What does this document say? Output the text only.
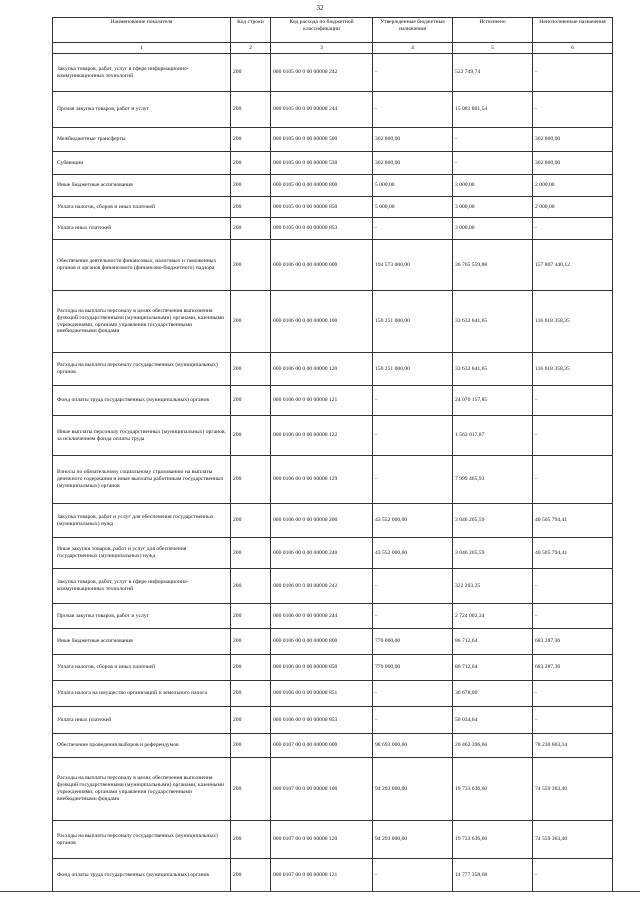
32
Наименование показателя	Код строки	Код расхода по бюджетной классификации	Утвержденные бюджетные назначения	Исполнено	Неисполненные назначения
1	2	3	4	5	6
Закупка товаров, работ, услуг в сфере информационно-коммуникационных технологий	200	000 0105 00 0 00 00000 242	-	522 749,74	-
Прочая закупка товаров, работ и услуг	200	000 0105 00 0 00 00000 244	-	15 083 801,54	-
Межбюджетные трансферты	200	000 0105 00 0 00 00000 500	302 800,00	-	302 800,00
Субвенции	200	000 0105 00 0 00 00000 530	302 800,00	-	302 800,00
Иные бюджетные ассигнования	200	000 0105 00 0 00 00000 800	5 000,00	3 000,00	2 000,00
Уплата налогов, сборов и иных платежей	200	000 0105 00 0 00 00000 850	5 000,00	3 000,00	2 000,00
Уплата иных платежей	200	000 0105 00 0 00 00000 853	-	3 000,00	-
Обеспечение деятельности финансовых, налоговых и таможенных органов и органов финансового (финансово-бюджетного) надзора	200	000 0106 00 0 00 00000 000	194 573 000,00	36 765 559,88	157 807 440,12
Расходы на выплаты персоналу в целях обеспечения выполнения функций государственными (муниципальными) органами, казенными учреждениями, органами управления государственными внебюджетными фондами	200	000 0106 00 0 00 00000 100	150 251 000,00	33 632 641,65	116 618 358,35
Расходы на выплаты персоналу государственных (муниципальных) органов	200	000 0106 00 0 00 00000 120	150 251 000,00	33 632 641,65	116 618 358,35
Фонд оплаты труда государственных (муниципальных) органов	200	000 0106 00 0 00 00000 121	-	24 070 157,85	-
Иные выплаты персоналу государственных (муниципальных) органов, за исключением фонда оплаты труда	200	000 0106 00 0 00 00000 122	-	1 563 017,87	-
Взносы по обязательному социальному страхованию на выплаты денежного содержания и иные выплаты работникам государственных (муниципальных) органов	200	000 0106 00 0 00 00000 129	-	7 999 465,93	-
Закупка товаров, работ и услуг для обеспечения государственных (муниципальных) нужд	200	000 0106 00 0 00 00000 200	43 552 000,00	3 046 205,59	40 505 794,41
Иные закупки товаров, работ и услуг для обеспечения государственных (муниципальных) нужд	200	000 0106 00 0 00 00000 240	43 552 000,00	3 046 205,59	40 505 794,41
Закупка товаров, работ, услуг в сфере информационно-коммуникационных технологий	200	000 0106 00 0 00 00000 242	-	322 203,25	-
Прочая закупка товаров, работ и услуг	200	000 0106 00 0 00 00000 244	-	2 724 002,34	-
Иные бюджетные ассигнования	200	000 0106 00 0 00 00000 800	770 000,00	86 712,64	683 287,36
Уплата налогов, сборов и иных платежей	200	000 0106 00 0 00 00000 850	770 000,00	86 712,64	683 287,36
Уплата налога на имущество организаций и земельного налога	200	000 0106 00 0 00 00000 851	-	36 678,00	-
Уплата иных платежей	200	000 0106 00 0 00 00000 853	-	50 034,64	-
Обеспечение проведения выборов и референдумов	200	000 0107 00 0 00 00000 000	98 693 000,00	20 462 396,66	78 230 603,34
Расходы на выплаты персоналу в целях обеспечения выполнения функций государственными (муниципальными) органами, казенными учреждениями, органами управления государственными внебюджетными фондами	200	000 0107 00 0 00 00000 100	94 293 000,00	19 733 636,60	74 559 363,40
Расходы на выплаты персоналу государственных (муниципальных) органов	200	000 0107 00 0 00 00000 120	94 293 000,00	19 733 636,60	74 559 363,40
Фонд оплаты труда государственных (муниципальных) органов	200	000 0107 00 0 00 00000 121	-	14 777 358,68	-
